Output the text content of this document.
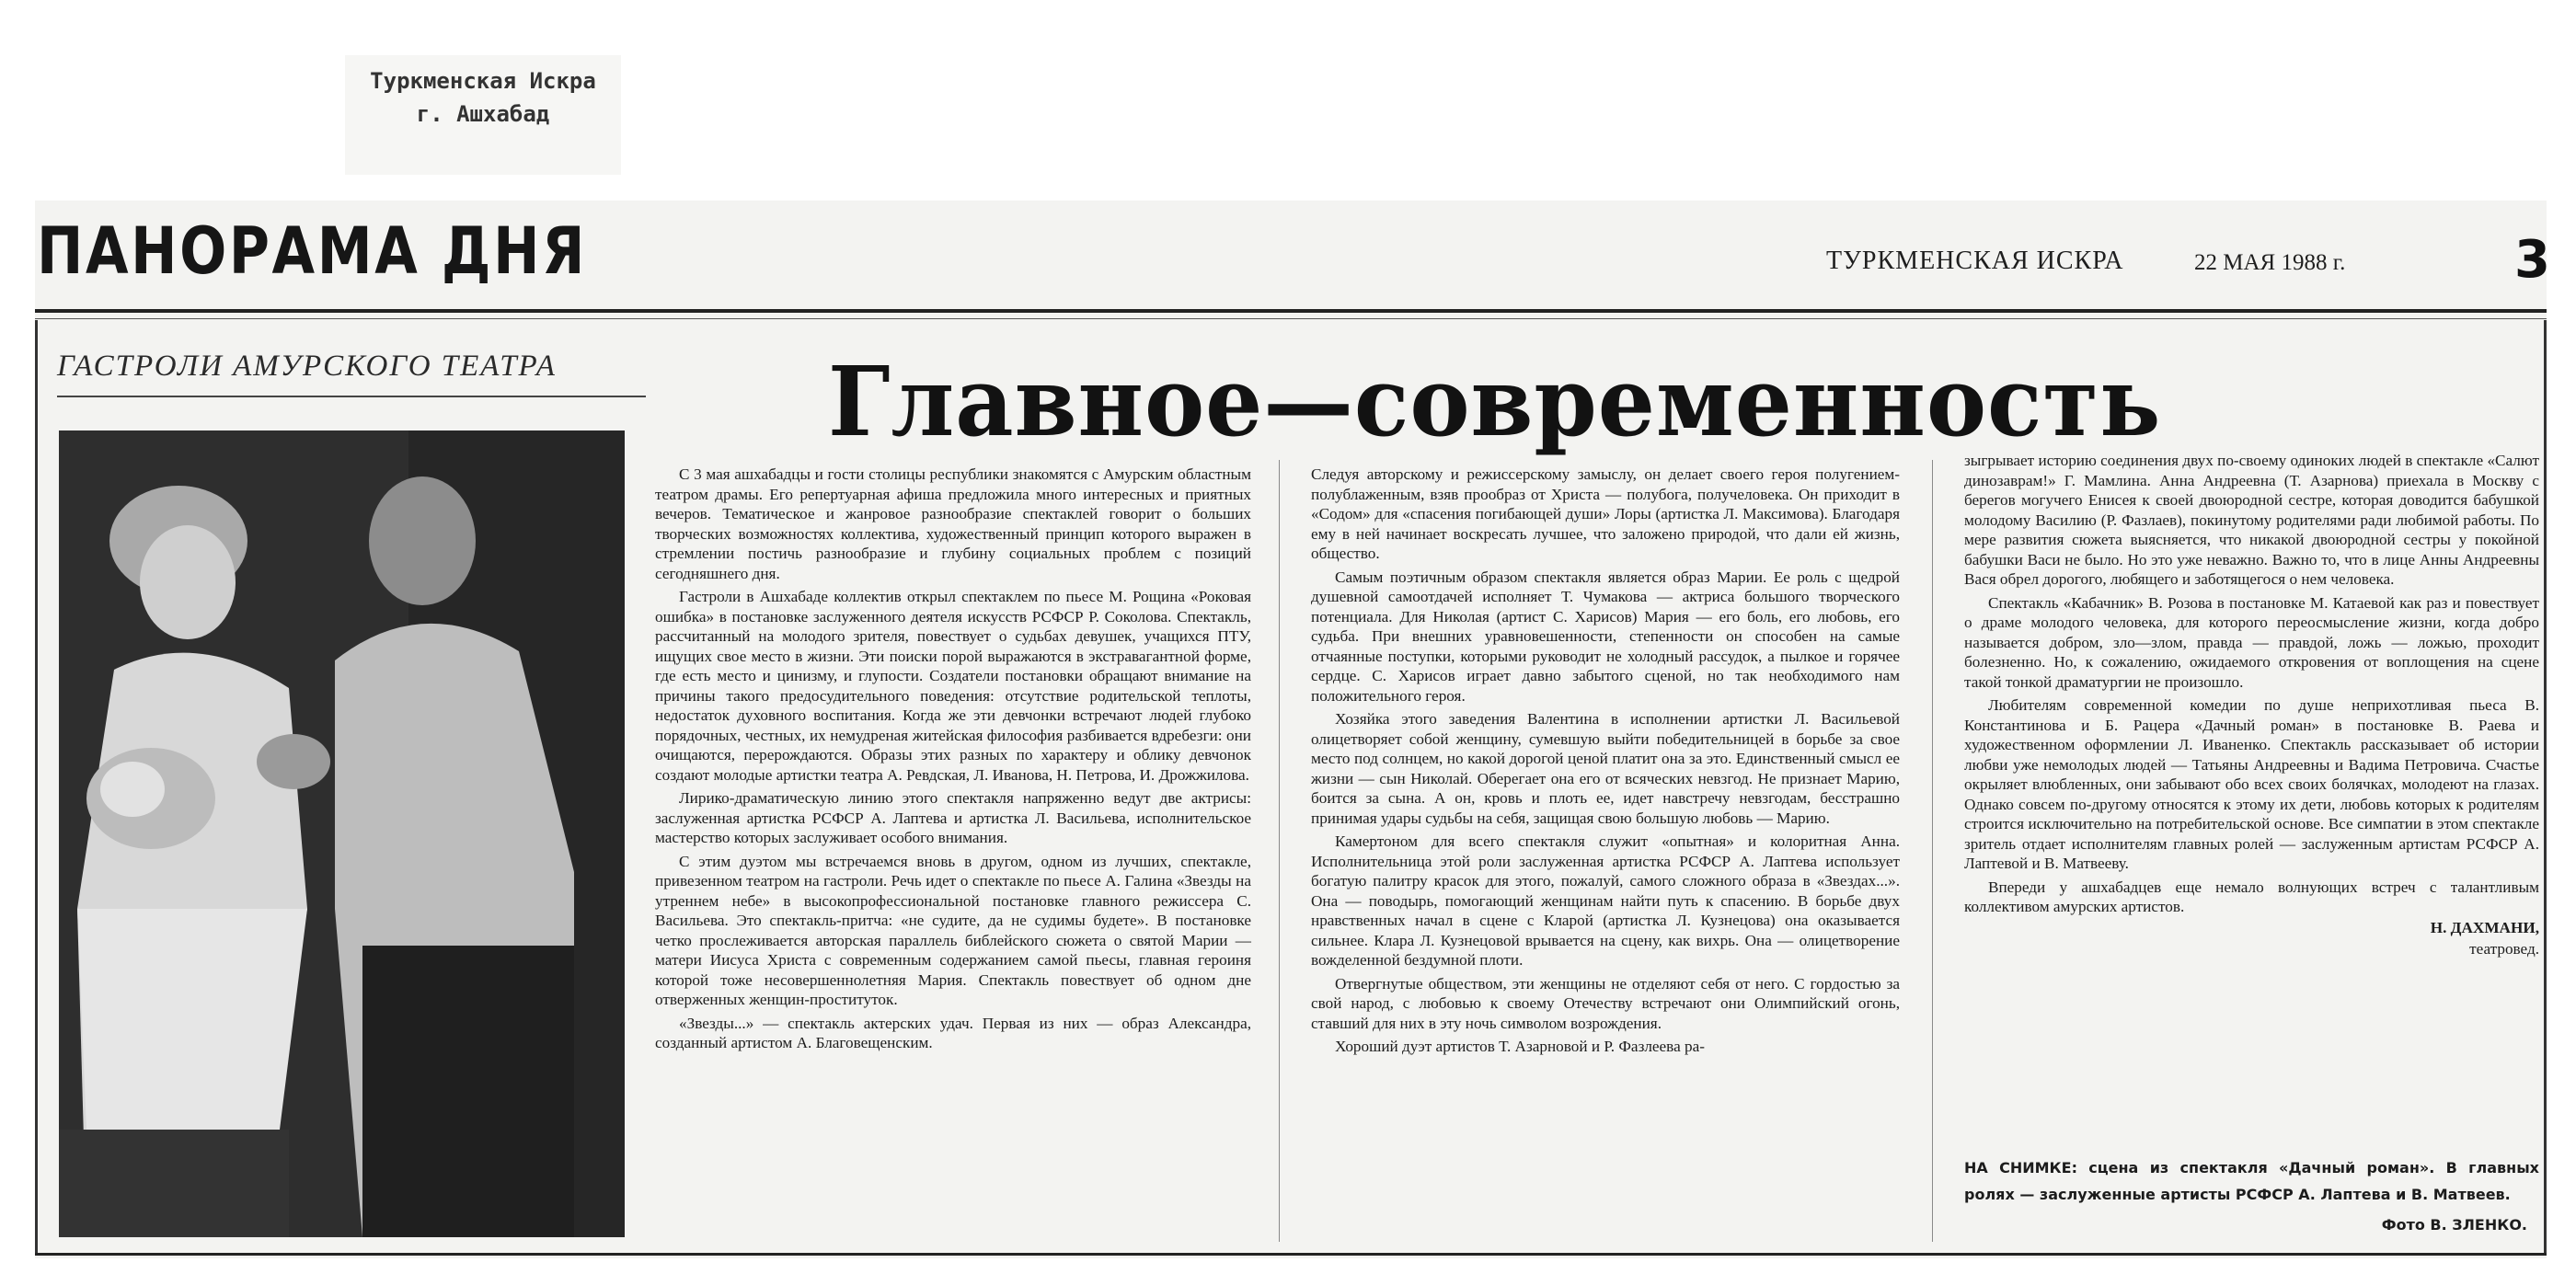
Туркменская Искра
г. Ашхабад
ПАНОРАМА ДНЯ	ТУРКМЕНСКАЯ ИСКРА	22 МАЯ 1988 г.	3
ГАСТРОЛИ АМУРСКОГО ТЕАТРА	Главное—современность

С 3 мая ашхабадцы и гости столицы республики знакомятся с Амурским областным театром драмы. Его репертуарная афиша предложила много интересных и приятных вечеров. Тематическое и жанровое разнообразие спектаклей говорит о больших творческих возможностях коллектива, художественный принцип которого выражен в стремлении постичь разнообразие и глубину социальных проблем с позиций сегодняшнего дня.

Гастроли в Ашхабаде коллектив открыл спектаклем по пьесе М. Рощина «Роковая ошибка» в постановке заслуженного деятеля искусств РСФСР Р. Соколова. Спектакль, рассчитанный на молодого зрителя, повествует о судьбах девушек, учащихся ПТУ, ищущих свое место в жизни. Эти поиски порой выражаются в экстравагантной форме, где есть место и цинизму, и глупости. Создатели постановки обращают внимание на причины такого предосудительного поведения: отсутствие родительской теплоты, недостаток духовного воспитания. Когда же эти девчонки встречают людей глубоко порядочных, честных, их немудреная житейская философия разбивается вдребезги: они очищаются, перерождаются. Образы этих разных по характеру и облику девчонок создают молодые артистки театра А. Ревдская, Л. Иванова, Н. Петрова, И. Дрожжилова.

Лирико-драматическую линию этого спектакля напряженно ведут две актрисы: заслуженная артистка РСФСР А. Лаптева и артистка Л. Васильева, исполнительское мастерство которых заслуживает особого внимания.

С этим дуэтом мы встречаемся вновь в другом, одном из лучших, спектакле, привезенном театром на гастроли. Речь идет о спектакле по пьесе А. Галина «Звезды на утреннем небе» в высокопрофессиональной постановке главного режиссера С. Васильева. Это спектакль-притча: «не судите, да не судимы будете». В постановке четко прослеживается авторская параллель библейского сюжета о святой Марии — матери Иисуса Христа с современным содержанием самой пьесы, главная героиня которой тоже несовершеннолетняя Мария. Спектакль повествует об одном дне отверженных женщин-проституток.

«Звезды...» — спектакль актерских удач. Первая из них — образ Александра, созданный артистом А. Благовещенским.

Следуя авторскому и режиссерскому замыслу, он делает своего героя полугением-полублаженным, взяв прообраз от Христа — полубога, получеловека. Он приходит в «Содом» для «спасения погибающей души» Лоры (артистка Л. Максимова). Благодаря ему в ней начинает воскресать лучшее, что заложено природой, что дали ей жизнь, общество.

Самым поэтичным образом спектакля является образ Марии. Ее роль с щедрой душевной самоотдачей исполняет Т. Чумакова — актриса большого творческого потенциала. Для Николая (артист С. Харисов) Мария — его боль, его любовь, его судьба. При внешних уравновешенности, степенности он способен на самые отчаянные поступки, которыми руководит не холодный рассудок, а пылкое и горячее сердце. С. Харисов играет давно забытого сценой, но так необходимого нам положительного героя.

Хозяйка этого заведения Валентина в исполнении артистки Л. Васильевой олицетворяет собой женщину, сумевшую выйти победительницей в борьбе за свое место под солнцем, но какой дорогой ценой платит она за это. Единственный смысл ее жизни — сын Николай. Оберегает она его от всяческих невзгод. Не признает Марию, боится за сына. А он, кровь и плоть ее, идет навстречу невзгодам, бесстрашно принимая удары судьбы на себя, защищая свою большую любовь — Марию.

Камертоном для всего спектакля служит «опытная» и колоритная Анна. Исполнительница этой роли заслуженная артистка РСФСР А. Лаптева использует богатую палитру красок для этого, пожалуй, самого сложного образа в «Звездах...». Она — поводырь, помогающий женщинам найти путь к спасению. В борьбе двух нравственных начал в сцене с Кларой (артистка Л. Кузнецова) она оказывается сильнее. Клара Л. Кузнецовой врывается на сцену, как вихрь. Она — олицетворение вожделенной бездумной плоти.

Отвергнутые обществом, эти женщины не отделяют себя от него. С гордостью за свой народ, с любовью к своему Отечеству встречают они Олимпийский огонь, ставший для них в эту ночь символом возрождения.

Хороший дуэт артистов Т. Азарновой и Р. Фазлеева ра-

зыгрывает историю соединения двух по-своему одиноких людей в спектакле «Салют динозаврам!» Г. Мамлина. Анна Андреевна (Т. Азарнова) приехала в Москву с берегов могучего Енисея к своей двоюродной сестре, которая доводится бабушкой молодому Василию (Р. Фазлаев), покинутому родителями ради любимой работы. По мере развития сюжета выясняется, что никакой двоюродной сестры у покойной бабушки Васи не было. Но это уже неважно. Важно то, что в лице Анны Андреевны Вася обрел дорогого, любящего и заботящегося о нем человека.

Спектакль «Кабачник» В. Розова в постановке М. Катаевой как раз и повествует о драме молодого человека, для которого переосмысление жизни, когда добро называется добром, зло—злом, правда — правдой, ложь — ложью, проходит болезненно. Но, к сожалению, ожидаемого откровения от воплощения на сцене такой тонкой драматургии не произошло.

Любителям современной комедии по душе неприхотливая пьеса В. Константинова и Б. Рацера «Дачный роман» в постановке В. Раева и художественном оформлении Л. Иваненко. Спектакль рассказывает об истории любви уже немолодых людей — Татьяны Андреевны и Вадима Петровича. Счастье окрыляет влюбленных, они забывают обо всех своих болячках, молодеют на глазах. Однако совсем по-другому относятся к этому их дети, любовь которых к родителям строится исключительно на потребительской основе. Все симпатии в этом спектакле зритель отдает исполнителям главных ролей — заслуженным артистам РСФСР А. Лаптевой и В. Матвееву.

Впереди у ашхабадцев еще немало волнующих встреч с талантливым коллективом амурских артистов.

Н. ДАХМАНИ,
театровед.
НА СНИМКЕ: сцена из спектакля «Дачный роман». В главных ролях — заслуженные артисты РСФСР А. Лаптева и В. Матвеев.
Фото В. ЗЛЕНКО.
